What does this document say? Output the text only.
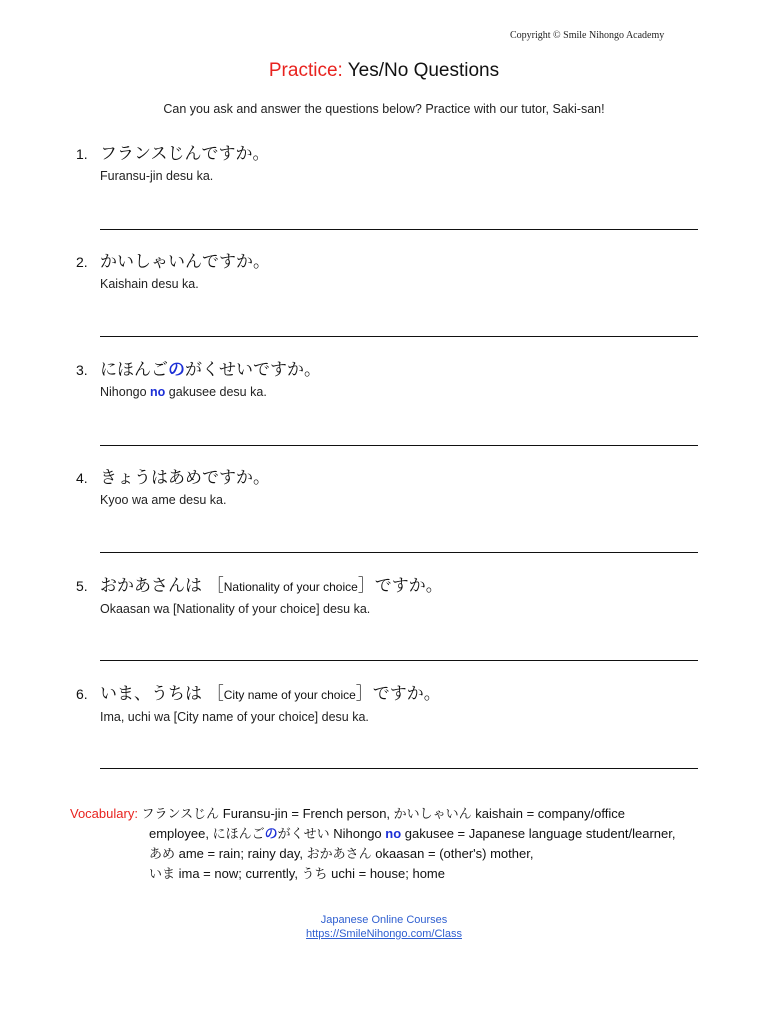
Copyright © Smile Nihongo Academy
Practice: Yes/No Questions
Can you ask and answer the questions below? Practice with our tutor, Saki-san!
1. フランスじんですか。
Furansu-jin desu ka.
2. かいしゃいんですか。
Kaishain desu ka.
3. にほんごのがくせいですか。
Nihongo no gakusee desu ka.
4. きょうはあめですか。
Kyoo wa ame desu ka.
5. おかあさんは ［Nationality of your choice］ですか。
Okaasan wa [Nationality of your choice] desu ka.
6. いま、うちは ［City name of your choice］ですか。
Ima, uchi wa [City name of your choice] desu ka.
Vocabulary: フランスじん Furansu-jin = French person, かいしゃいん kaishain = company/office
employee, にほんごのがくせい Nihongo no gakusee = Japanese language student/learner,
あめ ame = rain; rainy day, おかあさん okaasan = (other's) mother,
いま ima = now; currently, うち uchi = house; home
Japanese Online Courses
https://SmileNihongo.com/Class
